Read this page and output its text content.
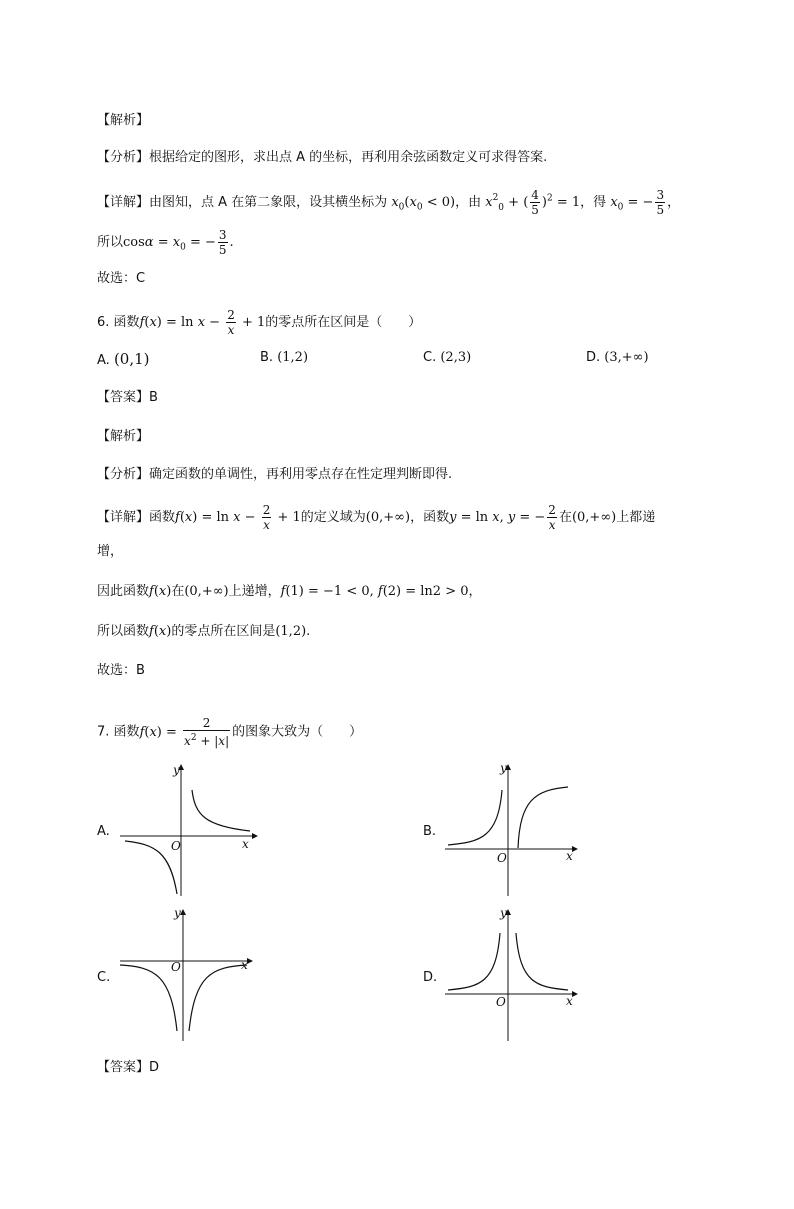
【解析】
【分析】根据给定的图形，求出点 A 的坐标，再利用余弦函数定义可求得答案.
【详解】由图知，点 A 在第二象限，设其横坐标为 $x_0(x_0 < 0)$，由 $x_{20}$ + ( $\frac{4}{5} )^2 = 1$，得 $x_0$ = − $\frac{3}{5}$ ，
所以$\cos\alpha = x_0$ = − $\frac{3}{5}$ .
故选：C
6. 函数$f(x) = \ln x - \frac{2}{x} + 1$的零点所在区间是（　　）
A. (0,1)	B. (1,2)	C. (2,3)	D. (3,+∞)
【答案】B
【解析】
【分析】确定函数的单调性，再利用零点存在性定理判断即得.
【详解】函数$f(x) = \ln x - \frac{2}{x} + 1$的定义域为(0,+∞)，函数y = ln x, y = − $\frac{2}{x}$ 在(0,+∞)上都递
增，
因此函数f(x)在(0,+∞)上递增，f(1) = −1 < 0, f(2) = ln2 > 0，
所以函数f(x)的零点所在区间是(1,2).
故选：B
7. 函数$f(x) = \frac{2}{x^2 + |x|}$ 的图象大致为（　　）
A.
y
x
O
B.
y
x
O
C.
y
x
O
D.
y
x
O
【答案】D
